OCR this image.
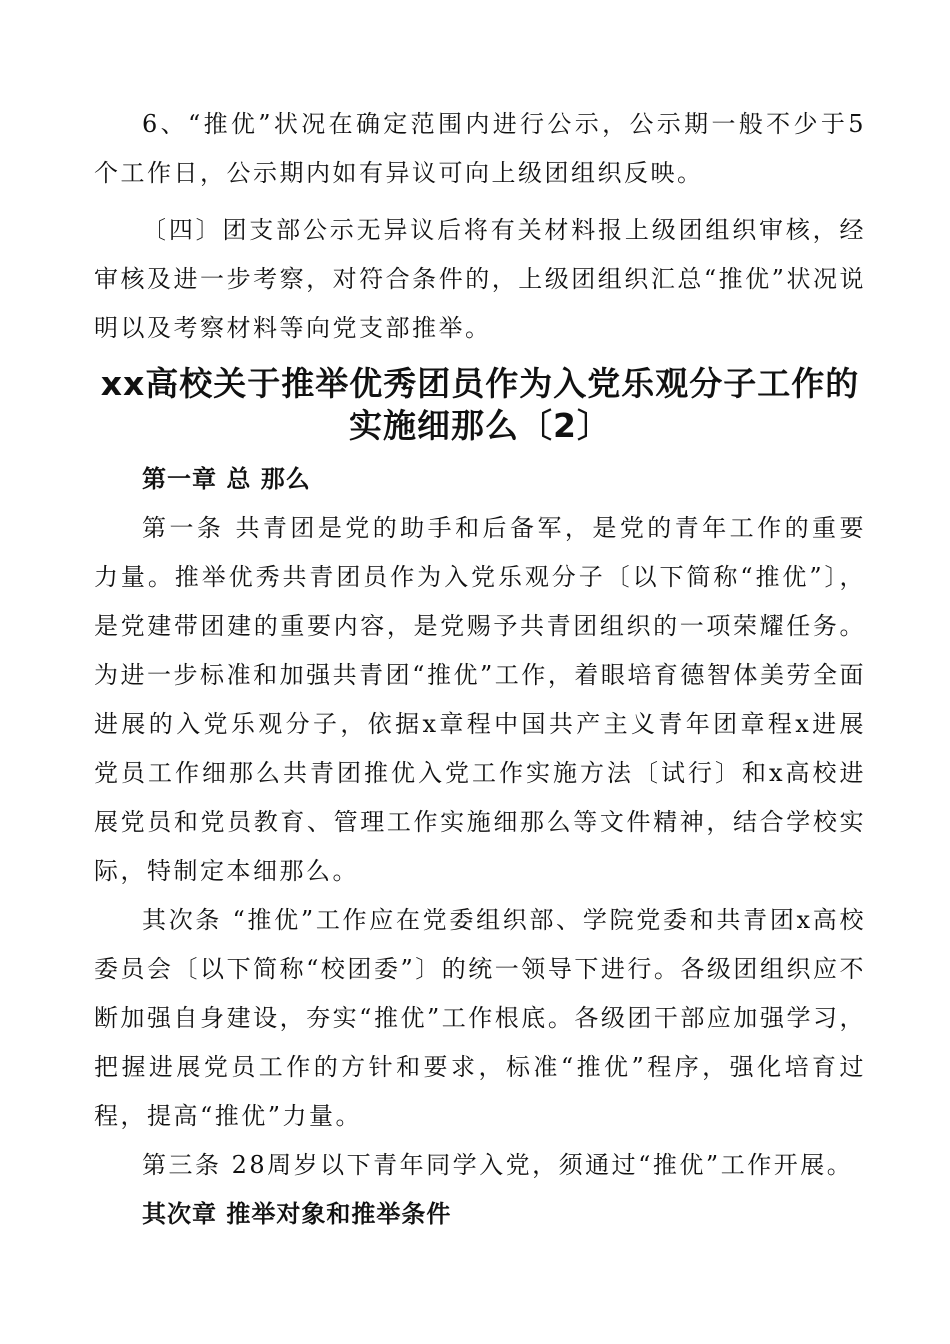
6、“推优”状况在确定范围内进行公示，公示期一般不少于5个工作日，公示期内如有异议可向上级团组织反映。

〔四〕团支部公示无异议后将有关材料报上级团组织审核，经审核及进一步考察，对符合条件的，上级团组织汇总“推优”状况说明以及考察材料等向党支部推举。

xx高校关于推举优秀团员作为入党乐观分子工作的实施细那么〔2〕

第一章 总 那么

第一条 共青团是党的助手和后备军，是党的青年工作的重要力量。推举优秀共青团员作为入党乐观分子〔以下简称“推优”〕，是党建带团建的重要内容，是党赐予共青团组织的一项荣耀任务。为进一步标准和加强共青团“推优”工作，着眼培育德智体美劳全面进展的入党乐观分子，依据x章程中国共产主义青年团章程x进展党员工作细那么共青团推优入党工作实施方法〔试行〕和x高校进展党员和党员教育、管理工作实施细那么等文件精神，结合学校实际，特制定本细那么。

其次条 “推优”工作应在党委组织部、学院党委和共青团x高校委员会〔以下简称“校团委”〕的统一领导下进行。各级团组织应不断加强自身建设，夯实“推优”工作根底。各级团干部应加强学习，把握进展党员工作的方针和要求，标准“推优”程序，强化培育过程，提高“推优”力量。

第三条 28周岁以下青年同学入党，须通过“推优”工作开展。

其次章 推举对象和推举条件
